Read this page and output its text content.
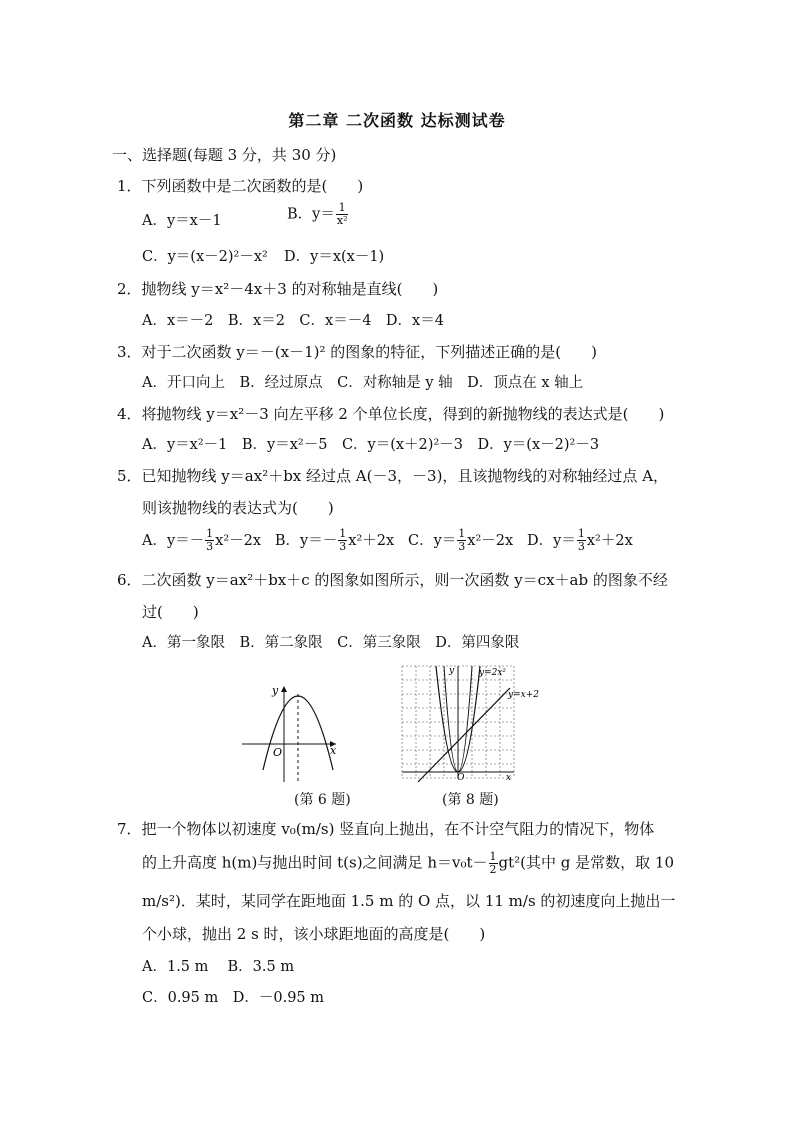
第二章 二次函数 达标测试卷
一、选择题(每题 3 分，共 30 分)
1．下列函数中是二次函数的是(　　)
A．y＝x－1	B．$y= \frac{1}{\text{x²}}$
C．y＝(x－2)²－x² D．y＝x(x－1)
2．抛物线 y＝x²－4x＋3 的对称轴是直线(　　)
A．x＝－2　B．x＝2　C．x＝－4　D．x＝4
3．对于二次函数 y＝－(x－1)² 的图象的特征，下列描述正确的是(　　)
A．开口向上　B．经过原点　C．对称轴是 y 轴　D．顶点在 x 轴上
4．将抛物线 y＝x²－3 向左平移 2 个单位长度，得到的新抛物线的表达式是(　　)
A．y＝x²－1　B．y＝x²－5　C．y＝(x＋2)²－3　D．y＝(x－2)²－3
5．已知抛物线 y＝ax²＋bx 经过点 A(－3，－3)，且该抛物线的对称轴经过点 A，
则该抛物线的表达式为(　　)
A．$y=- \frac{1}{3} x^2-2x$ B．$y=- \frac{1}{3} x^2+2x$ C．$y= \frac{1}{3} x^2-2x$ D．$y= \frac{1}{3} x^2+2x$
6．二次函数 y＝ax²＋bx＋c 的图象如图所示，则一次函数 y＝cx＋ab 的图象不经
过(　　)
A．第一象限　B．第二象限　C．第三象限　D．第四象限
y
x
O
(第 6 题)
y
x
O
y=2x²
y=x+2
(第 8 题)
7．把一个物体以初速度 v₀(m/s) 竖直向上抛出，在不计空气阻力的情况下，物体
的上升高度 h(m)与抛出时间 t(s)之间满足 $h=v_0t- \frac{1}{2} gt^2$(其中 g 是常数，取 10
m/s²)．某时，某同学在距地面 1.5 m 的 O 点，以 11 m/s 的初速度向上抛出一
个小球，抛出 2 s 时，该小球距地面的高度是(　　)
A．1.5 m　 B．3.5 m
C．0.95 m　D．－0.95 m
